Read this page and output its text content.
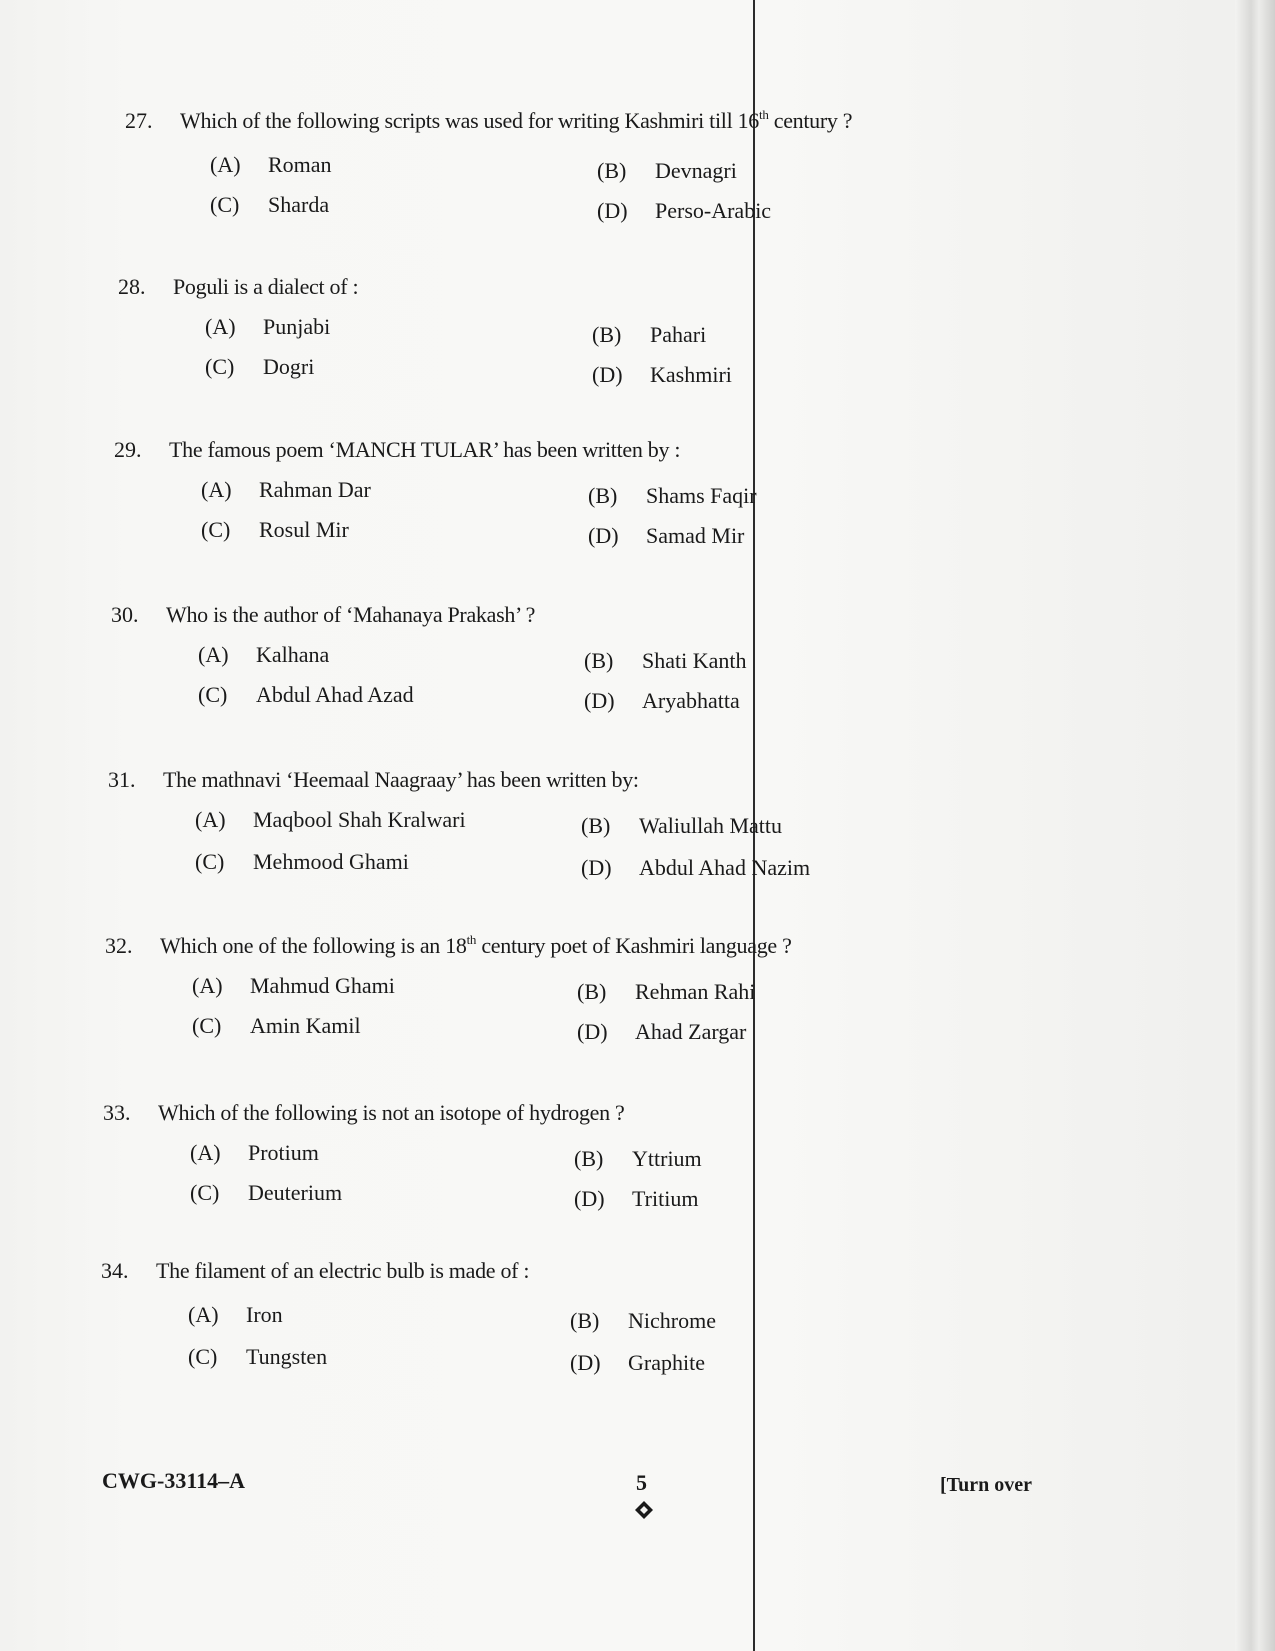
27. Which of the following scripts was used for writing Kashmiri till 16th century ?
(A) Roman	(B) Devnagri
(C) Sharda	(D) Perso-Arabic
28. Poguli is a dialect of :
(A) Punjabi	(B) Pahari
(C) Dogri	(D) Kashmiri
29. The famous poem ‘MANCH TULAR’ has been written by :
(A) Rahman Dar	(B) Shams Faqir
(C) Rosul Mir	(D) Samad Mir
30. Who is the author of ‘Mahanaya Prakash’ ?
(A) Kalhana	(B) Shati Kanth
(C) Abdul Ahad Azad	(D) Aryabhatta
31. The mathnavi ‘Heemaal Naagraay’ has been written by:
(A) Maqbool Shah Kralwari	(B) Waliullah Mattu
(C) Mehmood Ghami	(D) Abdul Ahad Nazim
32. Which one of the following is an 18th century poet of Kashmiri language ?
(A) Mahmud Ghami	(B) Rehman Rahi
(C) Amin Kamil	(D) Ahad Zargar
33. Which of the following is not an isotope of hydrogen ?
(A) Protium	(B) Yttrium
(C) Deuterium	(D) Tritium
34. The filament of an electric bulb is made of :
(A) Iron	(B) Nichrome
(C) Tungsten	(D) Graphite
CWG-33114–A	5	[Turn over
